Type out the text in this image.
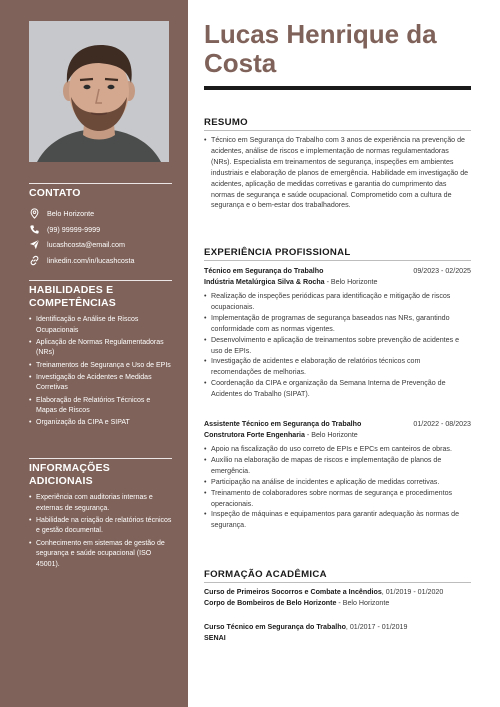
CONTATO
Belo Horizonte
(99) 99999-9999
lucashcosta@email.com
linkedin.com/in/lucashcosta
HABILIDADES E COMPETÊNCIAS
• Identificação e Análise de Riscos Ocupacionais
• Aplicação de Normas Regulamentadoras (NRs)
• Treinamentos de Segurança e Uso de EPIs
• Investigação de Acidentes e Medidas Corretivas
• Elaboração de Relatórios Técnicos e Mapas de Riscos
• Organização da CIPA e SIPAT
INFORMAÇÕES ADICIONAIS
• Experiência com auditorias internas e externas de segurança.
• Habilidade na criação de relatórios técnicos e gestão documental.
• Conhecimento em sistemas de gestão de segurança e saúde ocupacional (ISO 45001).
Lucas Henrique da Costa
RESUMO
• Técnico em Segurança do Trabalho com 3 anos de experiência na prevenção de acidentes, análise de riscos e implementação de normas regulamentadoras (NRs). Especialista em treinamentos de segurança, inspeções em ambientes industriais e elaboração de planos de emergência. Habilidade em investigação de acidentes, aplicação de medidas corretivas e garantia do cumprimento das normas de segurança e saúde ocupacional. Comprometido com a cultura de segurança e o bem-estar dos trabalhadores.
EXPERIÊNCIA PROFISSIONAL
Técnico em Segurança do Trabalho	09/2023 - 02/2025
Indústria Metalúrgica Silva & Rocha - Belo Horizonte
• Realização de inspeções periódicas para identificação e mitigação de riscos ocupacionais.
• Implementação de programas de segurança baseados nas NRs, garantindo conformidade com as normas vigentes.
• Desenvolvimento e aplicação de treinamentos sobre prevenção de acidentes e uso de EPIs.
• Investigação de acidentes e elaboração de relatórios técnicos com recomendações de melhorias.
• Coordenação da CIPA e organização da Semana Interna de Prevenção de Acidentes do Trabalho (SIPAT).
Assistente Técnico em Segurança do Trabalho	01/2022 - 08/2023
Construtora Forte Engenharia - Belo Horizonte
• Apoio na fiscalização do uso correto de EPIs e EPCs em canteiros de obras.
• Auxílio na elaboração de mapas de riscos e implementação de planos de emergência.
• Participação na análise de incidentes e aplicação de medidas corretivas.
• Treinamento de colaboradores sobre normas de segurança e procedimentos operacionais.
• Inspeção de máquinas e equipamentos para garantir adequação às normas de segurança.
FORMAÇÃO ACADÊMICA
Curso de Primeiros Socorros e Combate a Incêndios, 01/2019 - 01/2020
Corpo de Bombeiros de Belo Horizonte - Belo Horizonte
Curso Técnico em Segurança do Trabalho, 01/2017 - 01/2019
SENAI
